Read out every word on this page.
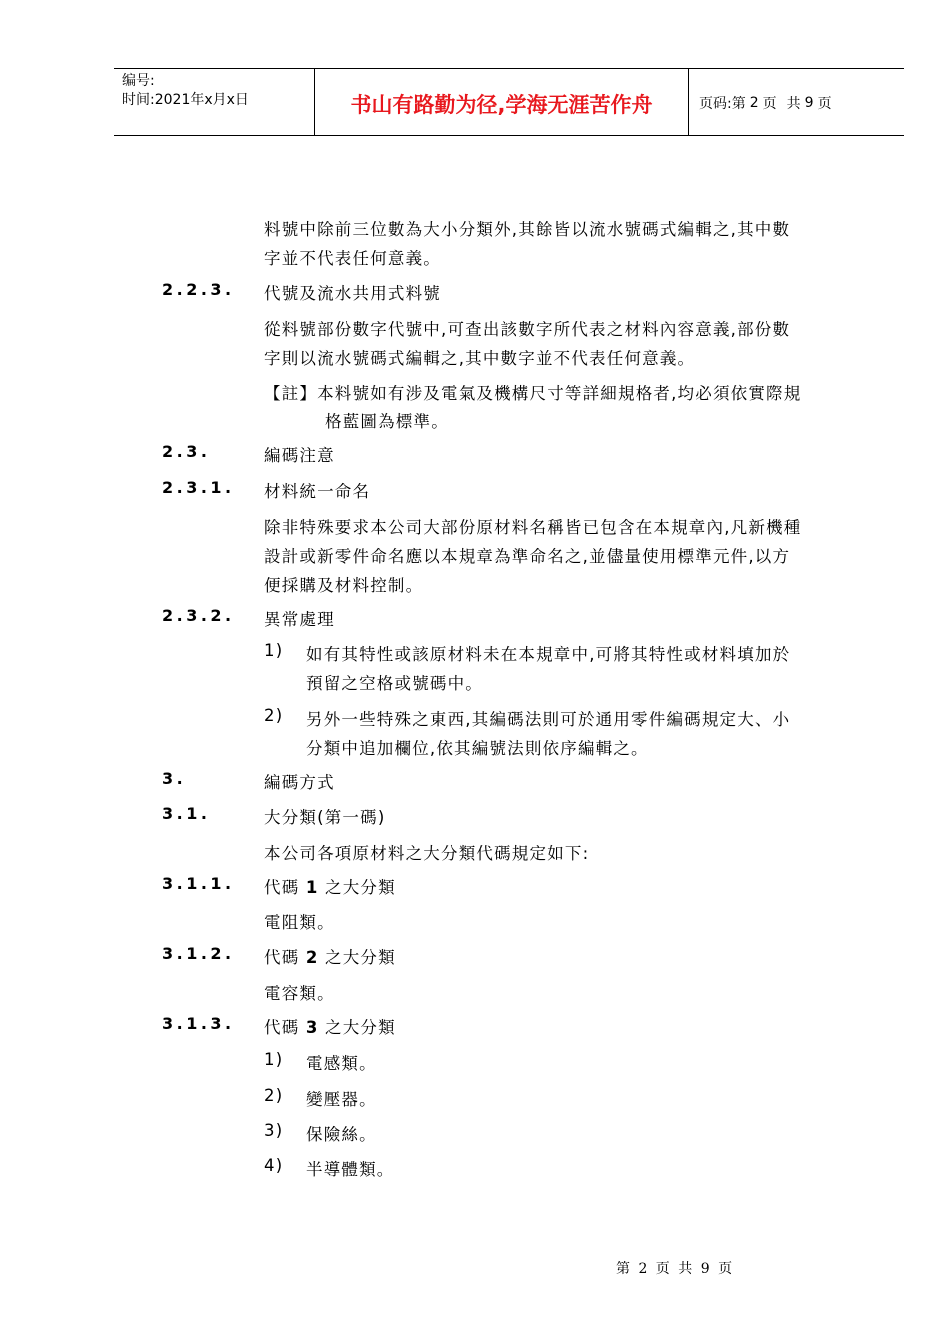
编号:
时间:2021年x月x日	书山有路勤为径,学海无涯苦作舟	页码:第 2 页 共 9 页
料號中除前三位數為大小分類外,其餘皆以流水號碼式編輯之,其中數
字並不代表任何意義。
2.2.3. 代號及流水共用式料號
從料號部份數字代號中,可查出該數字所代表之材料內容意義,部份數
字則以流水號碼式編輯之,其中數字並不代表任何意義。
【註】本料號如有涉及電氣及機構尺寸等詳細規格者,均必須依實際規
格藍圖為標準。
2.3.	編碼注意
2.3.1. 材料統一命名
除非特殊要求本公司大部份原材料名稱皆已包含在本規章內,凡新機種
設計或新零件命名應以本規章為準命名之,並儘量使用標準元件,以方
便採購及材料控制。
2.3.2. 異常處理
1) 如有其特性或該原材料未在本規章中,可將其特性或材料填加於
預留之空格或號碼中。
2) 另外一些特殊之東西,其編碼法則可於通用零件編碼規定大、小
分類中追加欄位,依其編號法則依序編輯之。
3.	編碼方式
3.1.	大分類(第一碼)
本公司各項原材料之大分類代碼規定如下:
3.1.1. 代碼 1 之大分類
電阻類。
3.1.2. 代碼 2 之大分類
電容類。
3.1.3. 代碼 3 之大分類
1) 電感類。
2) 變壓器。
3) 保險絲。
4) 半導體類。
第 2 页 共 9 页
